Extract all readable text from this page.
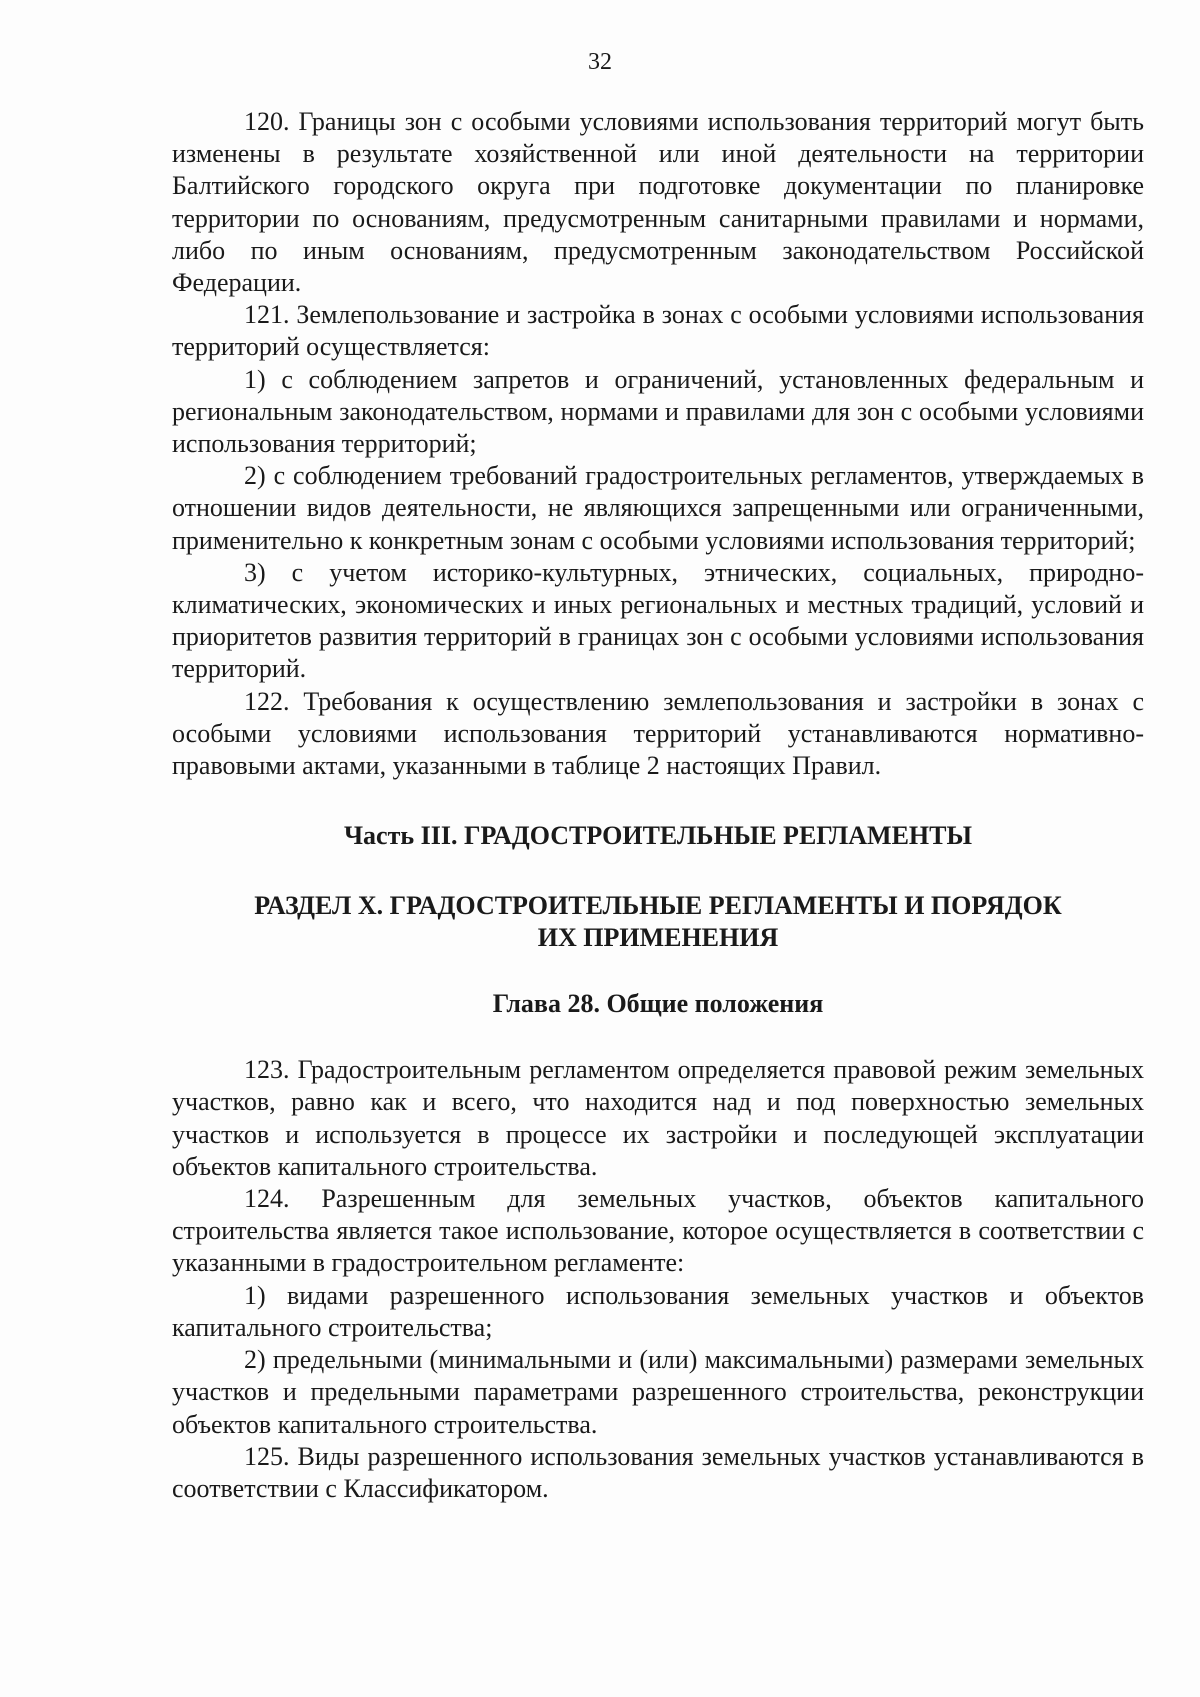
32

120. Границы зон с особыми условиями использования территорий могут быть изменены в результате хозяйственной или иной деятельности на территории Балтийского городского округа при подготовке документации по планировке территории по основаниям, предусмотренным санитарными правилами и нормами, либо по иным основаниям, предусмотренным законодательством Российской Федерации.

121. Землепользование и застройка в зонах с особыми условиями использования территорий осуществляется:

1) с соблюдением запретов и ограничений, установленных федеральным и региональным законодательством, нормами и правилами для зон с особыми условиями использования территорий;

2) с соблюдением требований градостроительных регламентов, утверждаемых в отношении видов деятельности, не являющихся запрещенными или ограниченными, применительно к конкретным зонам с особыми условиями использования территорий;

3) с учетом историко-культурных, этнических, социальных, природно-климатических, экономических и иных региональных и местных традиций, условий и приоритетов развития территорий в границах зон с особыми условиями использования территорий.

122. Требования к осуществлению землепользования и застройки в зонах с особыми условиями использования территорий устанавливаются нормативно-правовыми актами, указанными в таблице 2 настоящих Правил.

Часть III. ГРАДОСТРОИТЕЛЬНЫЕ РЕГЛАМЕНТЫ

РАЗДЕЛ X. ГРАДОСТРОИТЕЛЬНЫЕ РЕГЛАМЕНТЫ И ПОРЯДОК
ИХ ПРИМЕНЕНИЯ

Глава 28. Общие положения

123. Градостроительным регламентом определяется правовой режим земельных участков, равно как и всего, что находится над и под поверхностью земельных участков и используется в процессе их застройки и последующей эксплуатации объектов капитального строительства.

124. Разрешенным для земельных участков, объектов капитального строительства является такое использование, которое осуществляется в соответствии с указанными в градостроительном регламенте:

1) видами разрешенного использования земельных участков и объектов капитального строительства;

2) предельными (минимальными и (или) максимальными) размерами земельных участков и предельными параметрами разрешенного строительства, реконструкции объектов капитального строительства.

125. Виды разрешенного использования земельных участков устанавливаются в соответствии с Классификатором.
